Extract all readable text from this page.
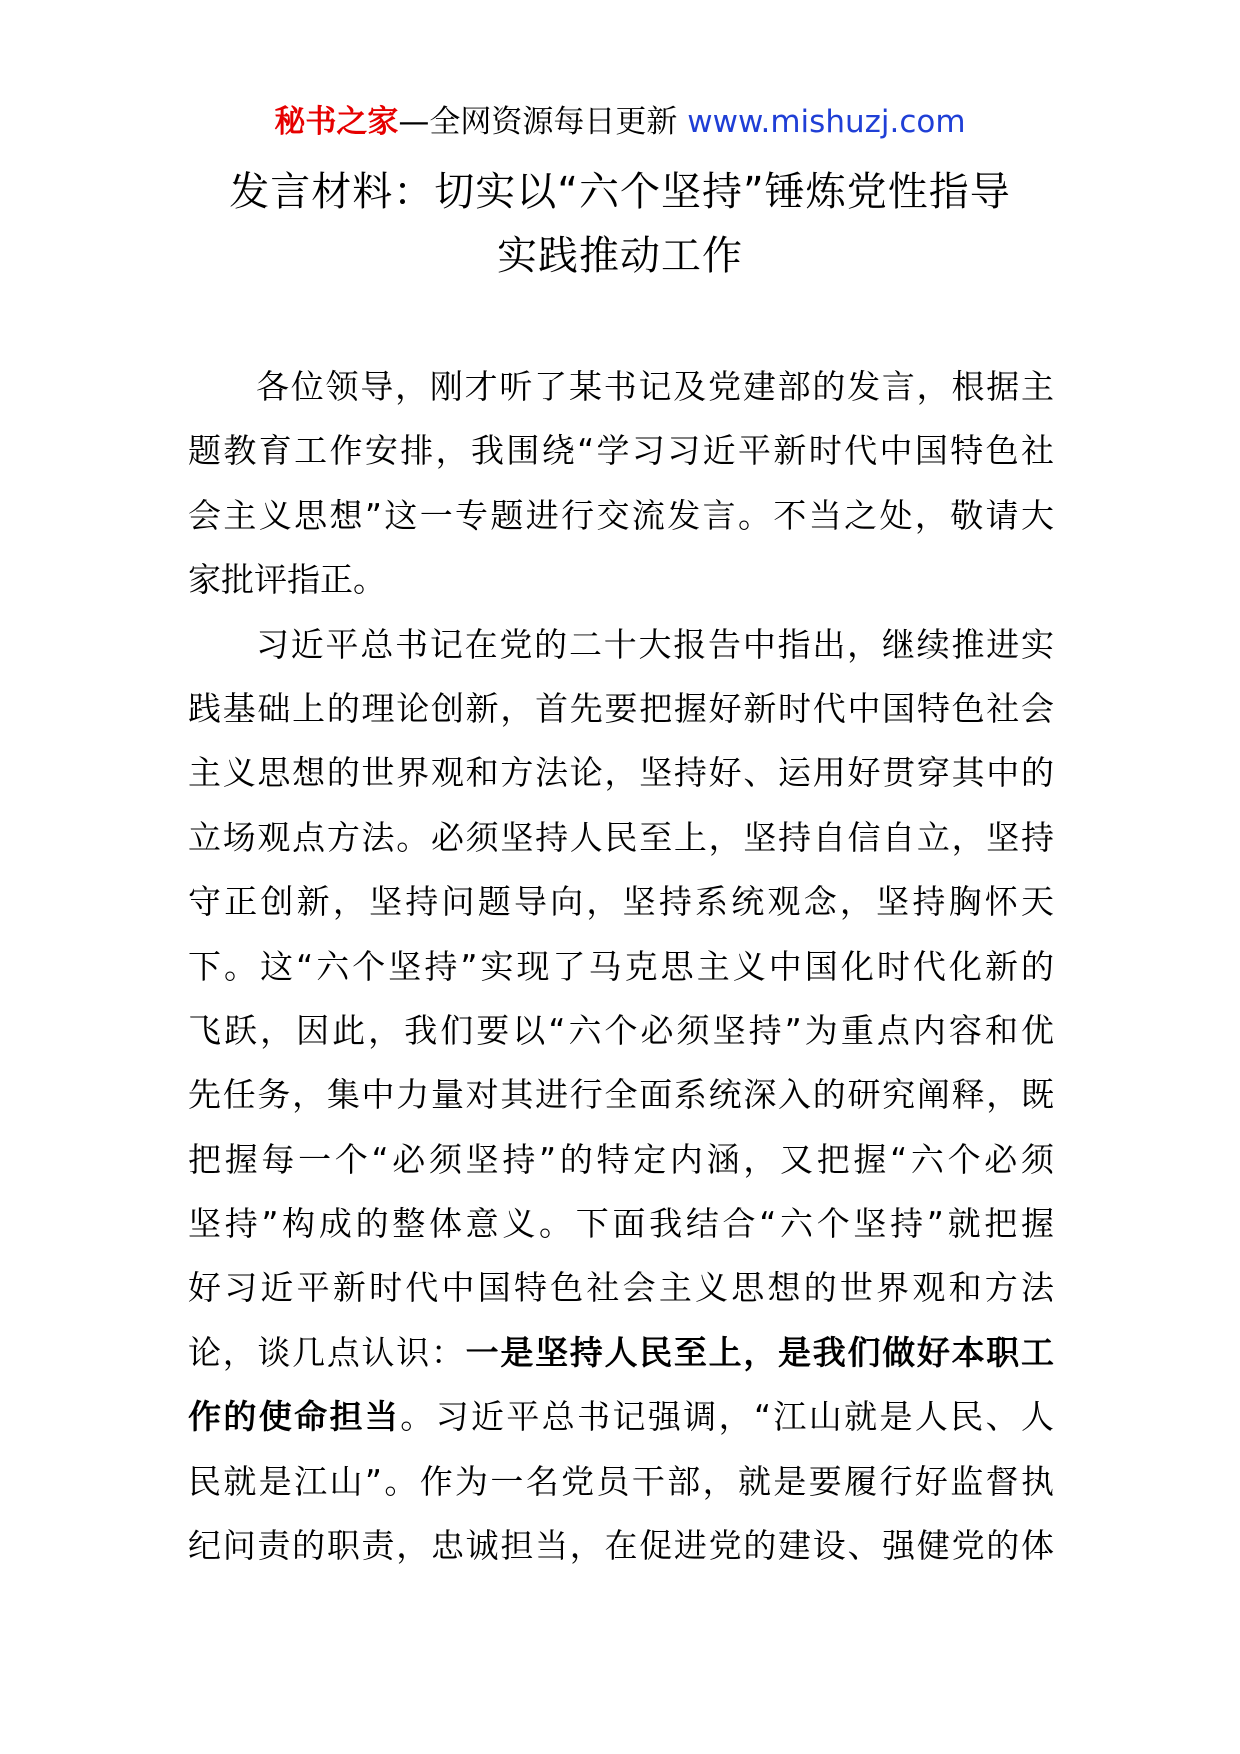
秘书之家—全网资源每日更新 www.mishuzj.com
发言材料：切实以“六个坚持”锤炼党性指导
实践推动工作
各位领导，刚才听了某书记及党建部的发言，根据主
题教育工作安排，我围绕“学习习近平新时代中国特色社
会主义思想”这一专题进行交流发言。不当之处，敬请大
家批评指正。
习近平总书记在党的二十大报告中指出，继续推进实
践基础上的理论创新，首先要把握好新时代中国特色社会
主义思想的世界观和方法论，坚持好、运用好贯穿其中的
立场观点方法。必须坚持人民至上，坚持自信自立，坚持
守正创新，坚持问题导向，坚持系统观念，坚持胸怀天
下。这“六个坚持”实现了马克思主义中国化时代化新的
飞跃，因此，我们要以“六个必须坚持”为重点内容和优
先任务，集中力量对其进行全面系统深入的研究阐释，既
把握每一个“必须坚持”的特定内涵，又把握“六个必须
坚持”构成的整体意义。下面我结合“六个坚持”就把握
好习近平新时代中国特色社会主义思想的世界观和方法
论，谈几点认识：一是坚持人民至上，是我们做好本职工
作的使命担当。习近平总书记强调，“江山就是人民、人
民就是江山”。作为一名党员干部，就是要履行好监督执
纪问责的职责，忠诚担当，在促进党的建设、强健党的体
